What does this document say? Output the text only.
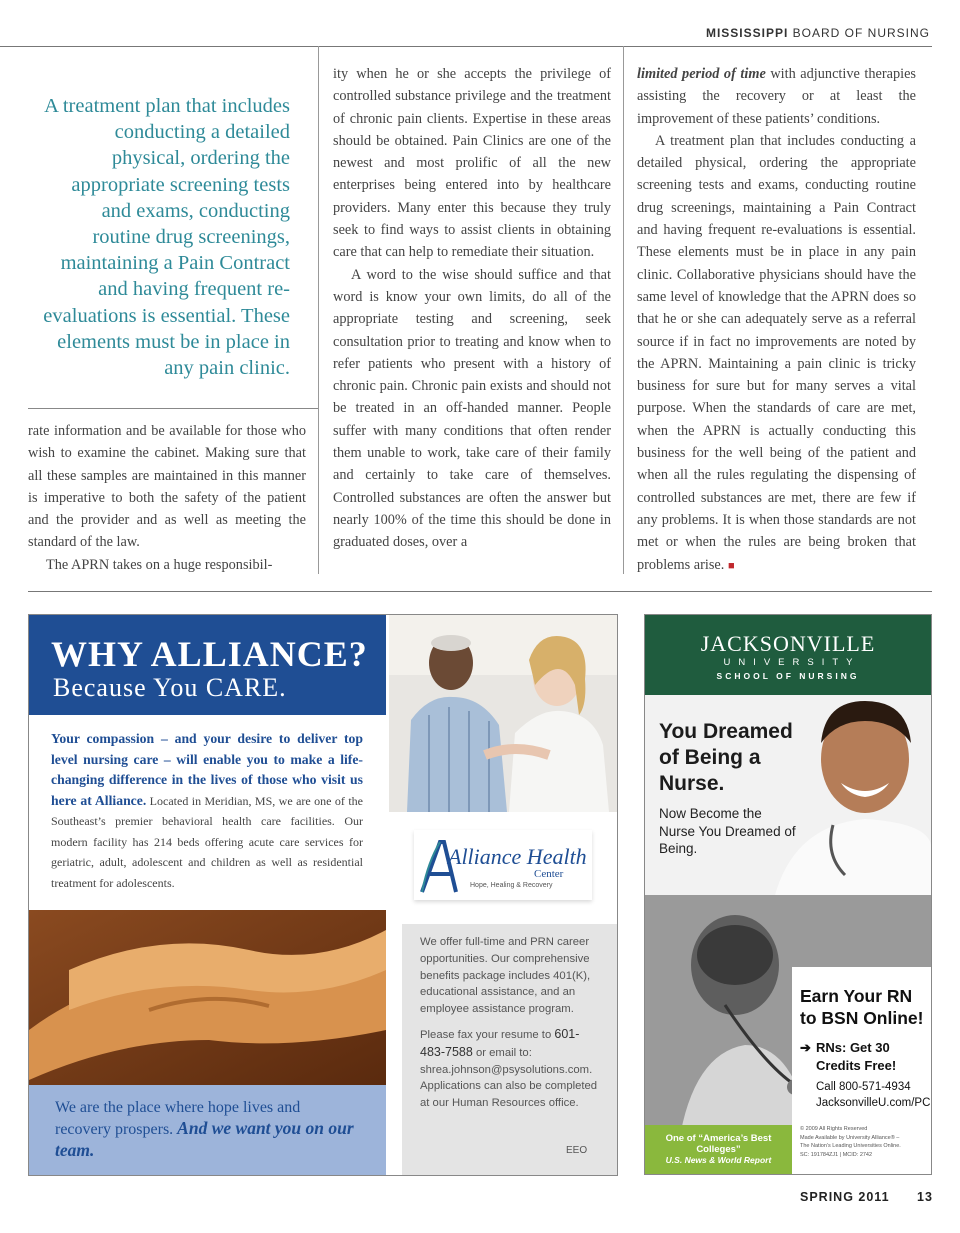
MISSISSIPPI BOARD OF NURSING
A treatment plan that includes conducting a detailed physical, ordering the appropriate screening tests and exams, conducting routine drug screenings, maintaining a Pain Contract and having frequent re-evaluations is essential. These elements must be in place in any pain clinic.

rate information and be available for those who wish to examine the cabinet. Making sure that all these samples are maintained in this manner is imperative to both the safety of the patient and the provider and as well as meeting the standard of the law.

The APRN takes on a huge responsibil-

ity when he or she accepts the privilege of controlled substance privilege and the treatment of chronic pain clients. Expertise in these areas should be obtained. Pain Clinics are one of the newest and most prolific of all the new enterprises being entered into by healthcare providers. Many enter this because they truly seek to find ways to assist clients in obtaining care that can help to remediate their situation.

A word to the wise should suffice and that word is know your own limits, do all of the appropriate testing and screening, seek consultation prior to treating and know when to refer patients who present with a history of chronic pain. Chronic pain exists and should not be treated in an off-handed manner. People suffer with many conditions that often render them unable to work, take care of their family and certainly to take care of themselves. Controlled substances are often the answer but nearly 100% of the time this should be done in graduated doses, over a

limited period of time with adjunctive therapies assisting the recovery or at least the improvement of these patients’ conditions.

A treatment plan that includes conducting a detailed physical, ordering the appropriate screening tests and exams, conducting routine drug screenings, maintaining a Pain Contract and having frequent re-evaluations is essential. These elements must be in place in any pain clinic. Collaborative physicians should have the same level of knowledge that the APRN does so that he or she can adequately serve as a referral source if in fact no improvements are noted by the APRN. Maintaining a pain clinic is tricky business for sure but for many serves a vital purpose. When the standards of care are met, when the APRN is actually conducting this business for the well being of the patient and when all the rules regulating the dispensing of controlled substances are met, there are few if any problems. It is when those standards are not met or when the rules are being broken that problems arise. ■

WHY ALLIANCE?
Because You CARE.
Your compassion – and your desire to deliver top level nursing care – will enable you to make a life-changing difference in the lives of those who visit us here at Alliance. Located in Meridian, MS, we are one of the Southeast’s premier behavioral health care facilities. Our modern facility has 214 beds offering acute care services for geriatric, adult, adolescent and children as well as residential treatment for adolescents.
Alliance Health
Center
Hope, Healing & Recovery
We are the place where hope lives and recovery prospers. And we want you on our team.

We offer full-time and PRN career opportunities. Our comprehensive benefits package includes 401(K), educational assistance, and an employee assistance program.

Please fax your resume to 601-483-7588 or email to: shrea.johnson@psysolutions.com. Applications can also be completed at our Human Resources office.

EEO
JACKSONVILLE
UNIVERSITY
SCHOOL OF NURSING
You Dreamed of Being a Nurse.
Now Become the Nurse You Dreamed of Being.
Earn Your RN to BSN Online!
➔ RNs: Get 30 Credits Free!
Call 800-571-4934
JacksonvilleU.com/PC
© 2009 All Rights Reserved
Made Available by University Alliance® –
The Nation’s Leading Universities Online.
SC: 191784ZJ1 | MCID: 2742
One of “America’s Best Colleges”
U.S. News & World Report
SPRING 2011 13
